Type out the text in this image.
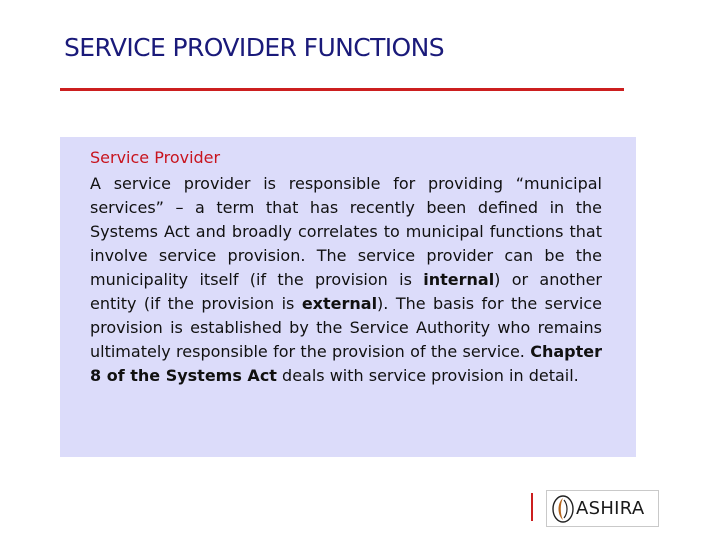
SERVICE PROVIDER FUNCTIONS
Service Provider

A service provider is responsible for providing “municipal services” – a term that has recently been defined in the Systems Act and broadly correlates to municipal functions that involve service provision. The service provider can be the municipality itself (if the provision is internal) or another entity (if the provision is external). The basis for the service provision is established by the Service Authority who remains ultimately responsible for the provision of the service. Chapter 8 of the Systems Act deals with service provision in detail.

ASHIRA
